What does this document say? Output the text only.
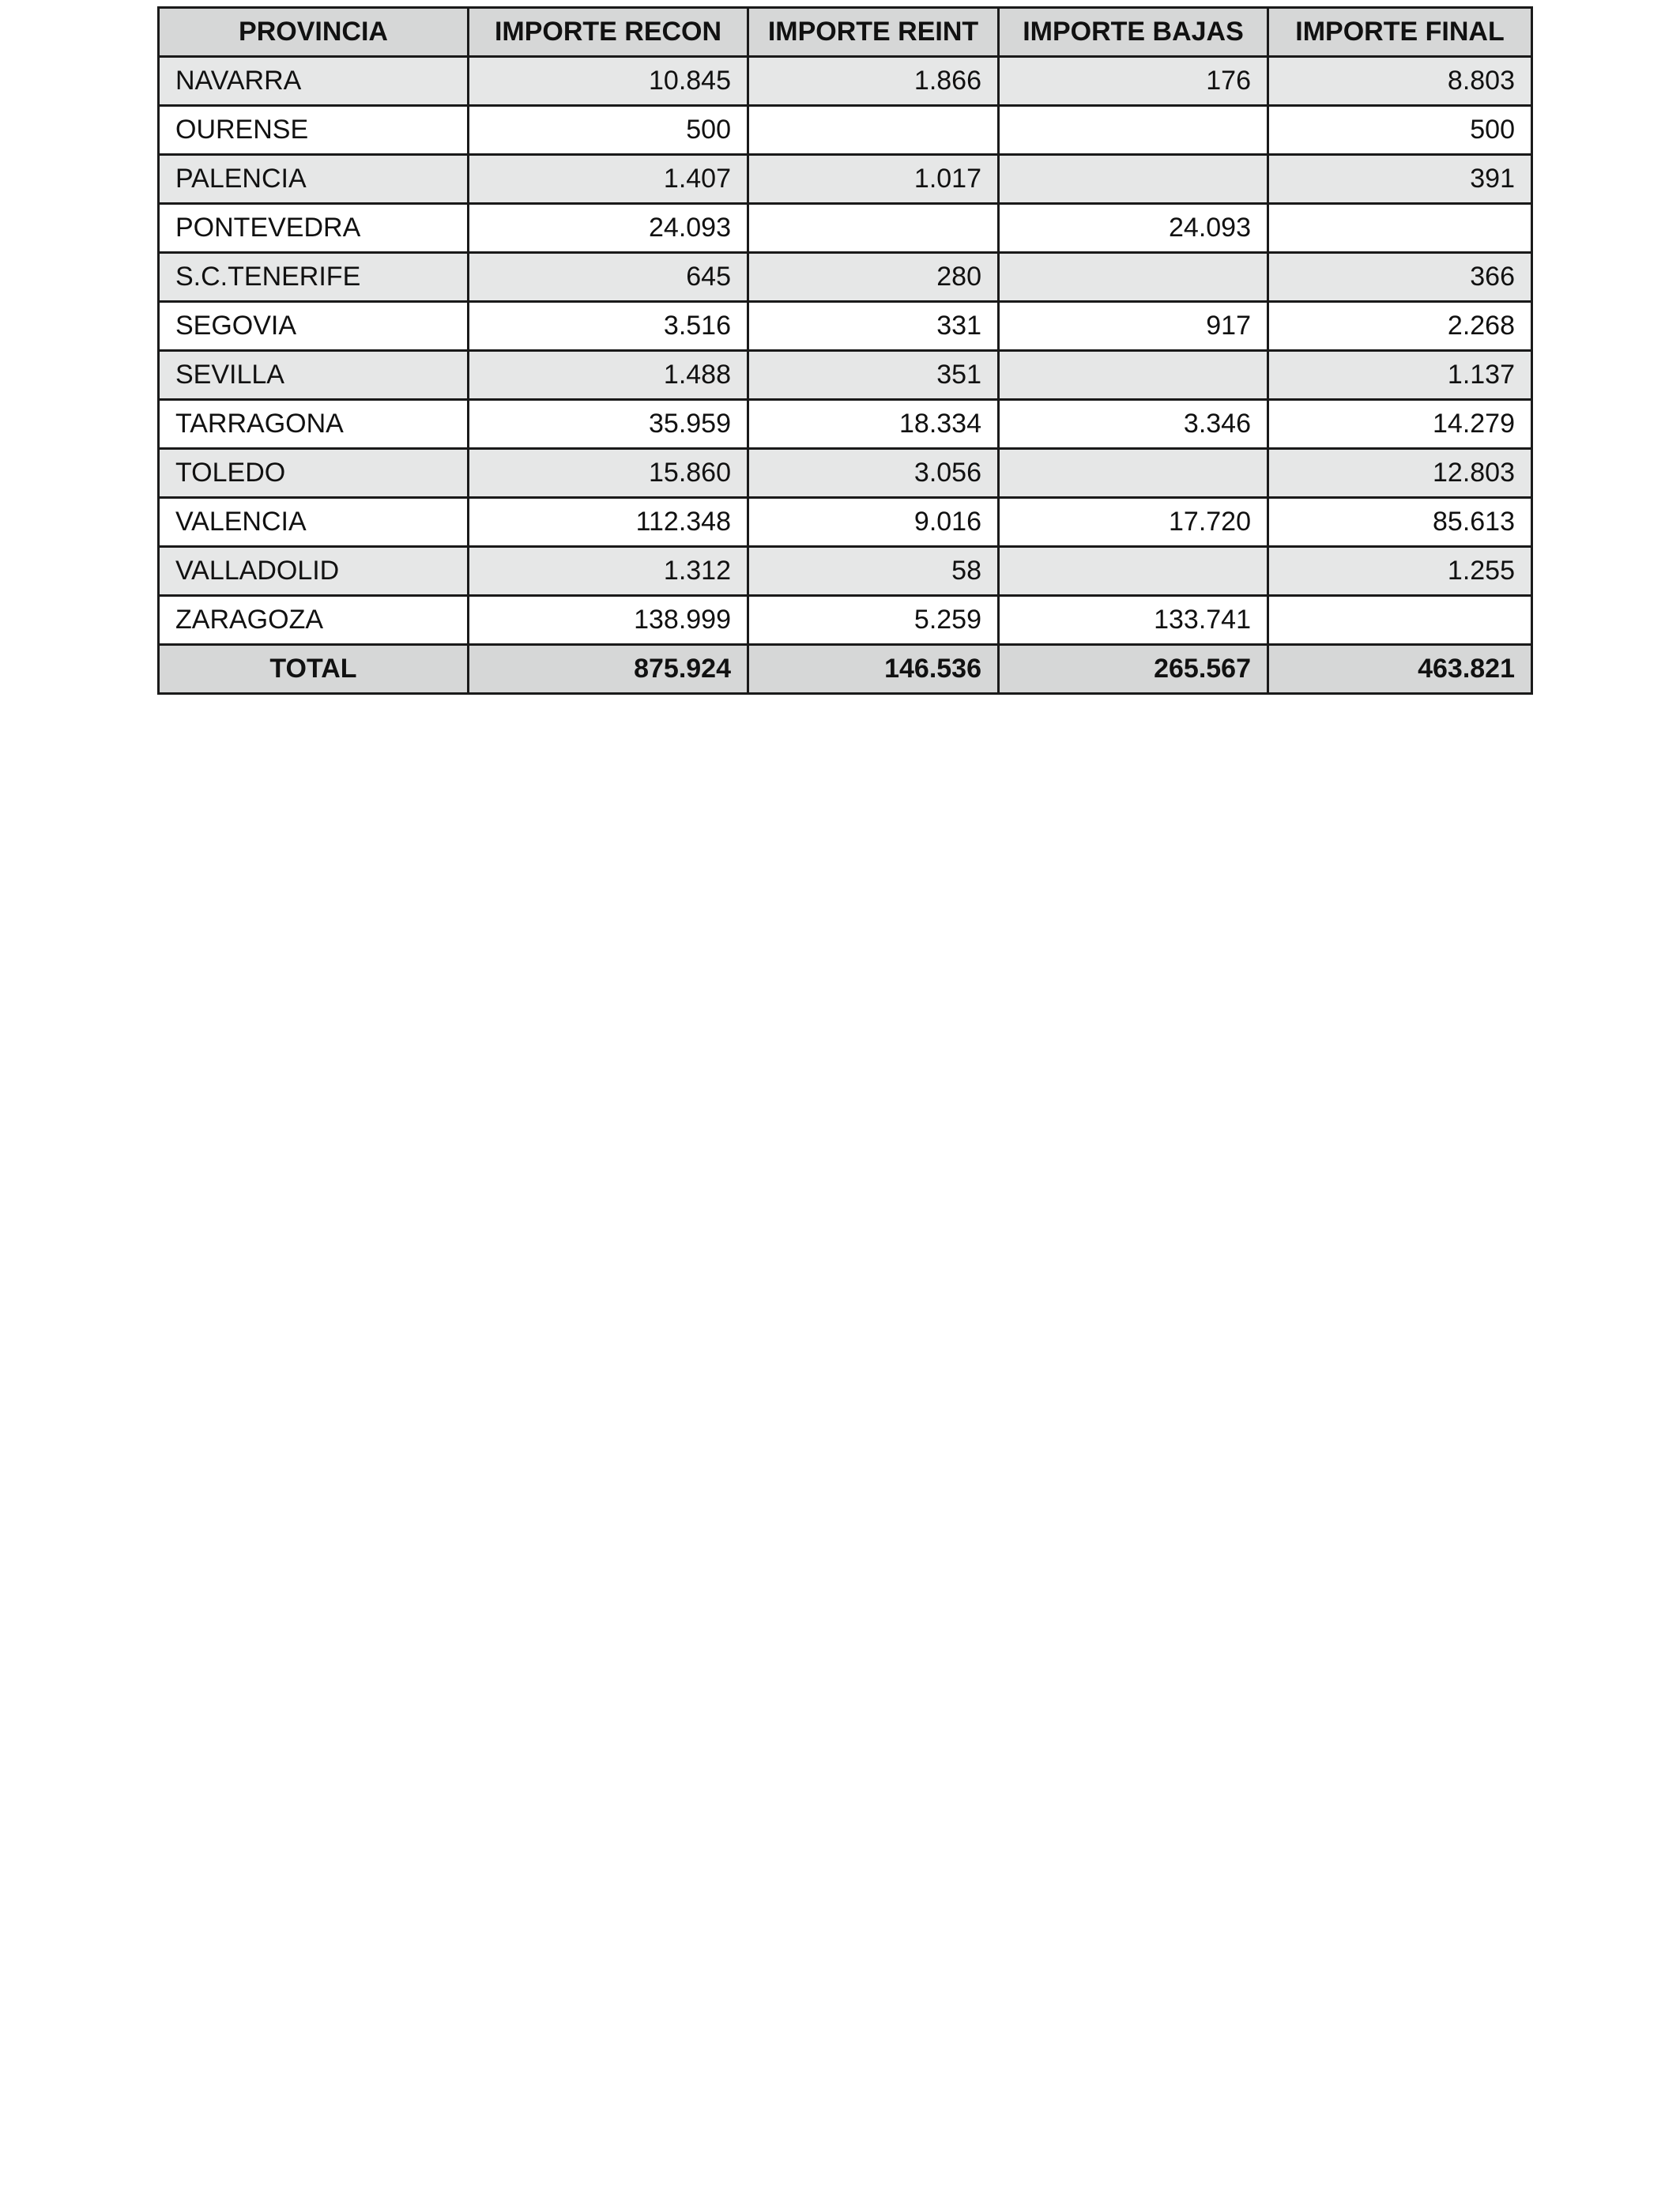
PROVINCIA	IMPORTE RECON	IMPORTE REINT	IMPORTE BAJAS	IMPORTE FINAL
NAVARRA	10.845	1.866	176	8.803
OURENSE	500			500
PALENCIA	1.407	1.017		391
PONTEVEDRA	24.093		24.093	
S.C.TENERIFE	645	280		366
SEGOVIA	3.516	331	917	2.268
SEVILLA	1.488	351		1.137
TARRAGONA	35.959	18.334	3.346	14.279
TOLEDO	15.860	3.056		12.803
VALENCIA	112.348	9.016	17.720	85.613
VALLADOLID	1.312	58		1.255
ZARAGOZA	138.999	5.259	133.741	
TOTAL	875.924	146.536	265.567	463.821
